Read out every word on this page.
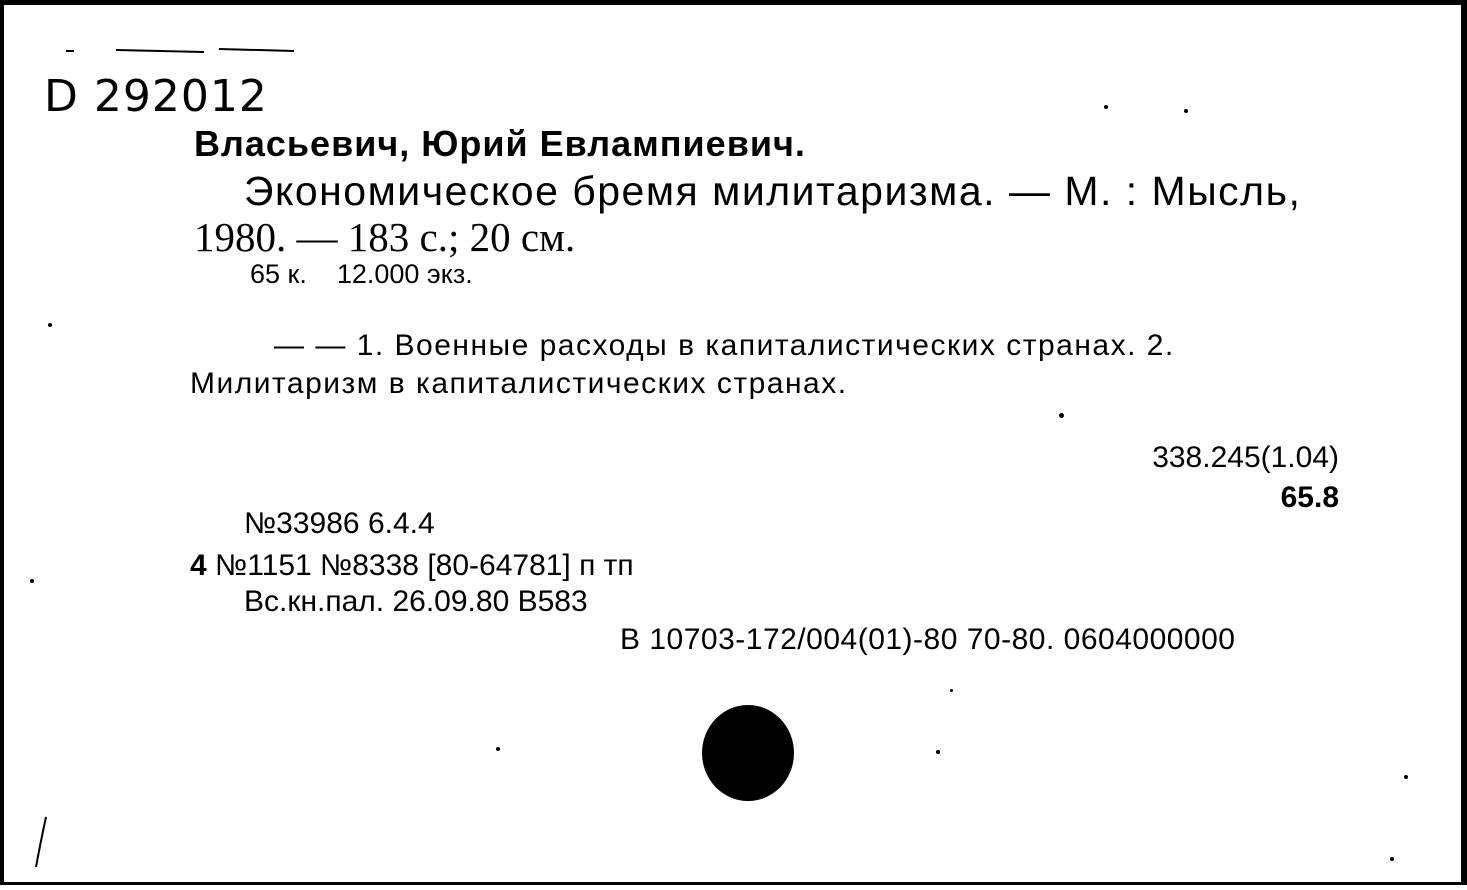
D 292012
Власьевич, Юрий Евлампиевич.
Экономическое бремя милитаризма. — М. : Мысль,
1980. — 183 с.; 20 см.
65 к.    12.000 экз.
— — 1. Военные расходы в капиталистических странах. 2.
Милитаризм в капиталистических странах.
338.245(1.04)
65.8
№33986 6.4.4
4 №1151 №8338 [80-64781] п тп
Вс.кн.пал. 26.09.80 В583
В 10703-172/004(01)-80 70-80. 0604000000
